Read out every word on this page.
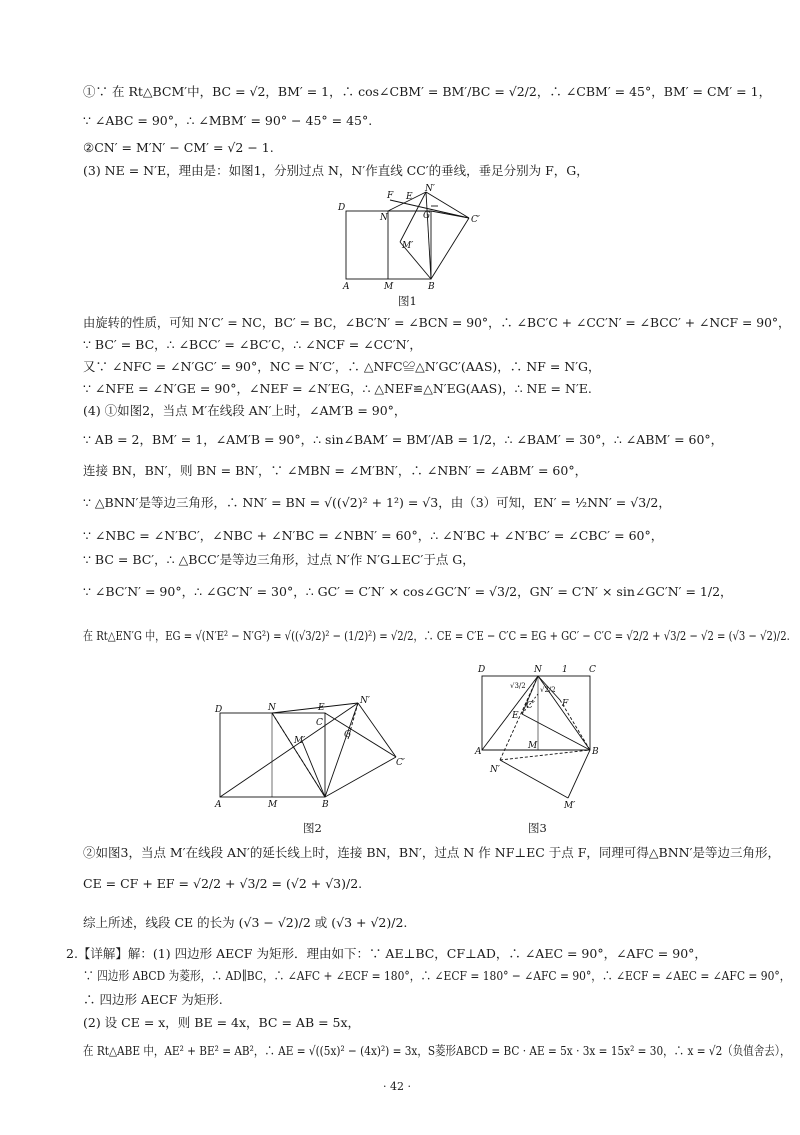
①∵ 在 Rt△BCM′中，BC = √2，BM′ = 1，∴ cos∠CBM′ = BM′/BC = √2/2，∴ ∠CBM′ = 45°，BM′ = CM′ = 1，
∵ ∠ABC = 90°，∴ ∠MBM′ = 90° − 45° = 45°.
②CN′ = M′N′ − CM′ = √2 − 1.
(3) NE = N′E，理由是：如图1，分别过点 N，N′作直线 CC′的垂线，垂足分别为 F，G，
D
N
F E
N′
G	C′
M′
A	M	B
图1
由旋转的性质，可知 N′C′ = NC，BC′ = BC，∠BC′N′ = ∠BCN = 90°，∴ ∠BC′C + ∠CC′N′ = ∠BCC′ + ∠NCF = 90°，
∵ BC′ = BC，∴ ∠BCC′ = ∠BC′C，∴ ∠NCF = ∠CC′N′，
又∵ ∠NFC = ∠N′GC′ = 90°，NC = N′C′，∴ △NFC≌△N′GC′(AAS)，∴ NF = N′G，
∵ ∠NFE = ∠N′GE = 90°，∠NEF = ∠N′EG，∴ △NEF≌△N′EG(AAS)，∴ NE = N′E.
(4) ①如图2，当点 M′在线段 AN′上时，∠AM′B = 90°，
∵ AB = 2，BM′ = 1，∠AM′B = 90°，∴ sin∠BAM′ = BM′/AB = 1/2，∴ ∠BAM′ = 30°，∴ ∠ABM′ = 60°，
连接 BN，BN′，则 BN = BN′，∵ ∠MBN = ∠M′BN′，∴ ∠NBN′ = ∠ABM′ = 60°，
∵ △BNN′是等边三角形，∴ NN′ = BN = √((√2)² + 1²) = √3，由（3）可知，EN′ = ½NN′ = √3/2，
∵ ∠NBC = ∠N′BC′，∠NBC + ∠N′BC = ∠NBN′ = 60°，∴ ∠N′BC + ∠N′BC′ = ∠CBC′ = 60°，
∵ BC = BC′，∴ △BCC′是等边三角形，过点 N′作 N′G⊥EC′于点 G，
∵ ∠BC′N′ = 90°，∴ ∠GC′N′ = 30°，∴ GC′ = C′N′ × cos∠GC′N′ = √3/2，GN′ = C′N′ × sin∠GC′N′ = 1/2，
在 Rt△EN′G 中，EG = √(N′E² − N′G²) = √((√3/2)² − (1/2)²) = √2/2，∴ CE = C′E − C′C = EG + GC′ − C′C = √2/2 + √3/2 − √2 = (√3 − √2)/2.
D	N	E
N′
C
M′
G
C′
A	M	B
图2
D	N 1 C
√3/2 √2/2
F
E
C′
A
M
B
N′
M′
图3
②如图3，当点 M′在线段 AN′的延长线上时，连接 BN，BN′，过点 N 作 NF⊥EC 于点 F，同理可得△BNN′是等边三角形，
CE = CF + EF = √2/2 + √3/2 = (√2 + √3)/2.
综上所述，线段 CE 的长为 (√3 − √2)/2 或 (√3 + √2)/2.
2.【详解】解：(1) 四边形 AECF 为矩形．理由如下：∵ AE⊥BC，CF⊥AD，∴ ∠AEC = 90°，∠AFC = 90°，
∵ 四边形 ABCD 为菱形，∴ AD∥BC，∴ ∠AFC + ∠ECF = 180°，∴ ∠ECF = 180° − ∠AFC = 90°，∴ ∠ECF = ∠AEC = ∠AFC = 90°，
∴ 四边形 AECF 为矩形.
(2) 设 CE = x，则 BE = 4x，BC = AB = 5x，
在 Rt△ABE 中，AE² + BE² = AB²，∴ AE = √((5x)² − (4x)²) = 3x，S菱形ABCD = BC · AE = 5x · 3x = 15x² = 30，∴ x = √2（负值舍去），
· 42 ·
